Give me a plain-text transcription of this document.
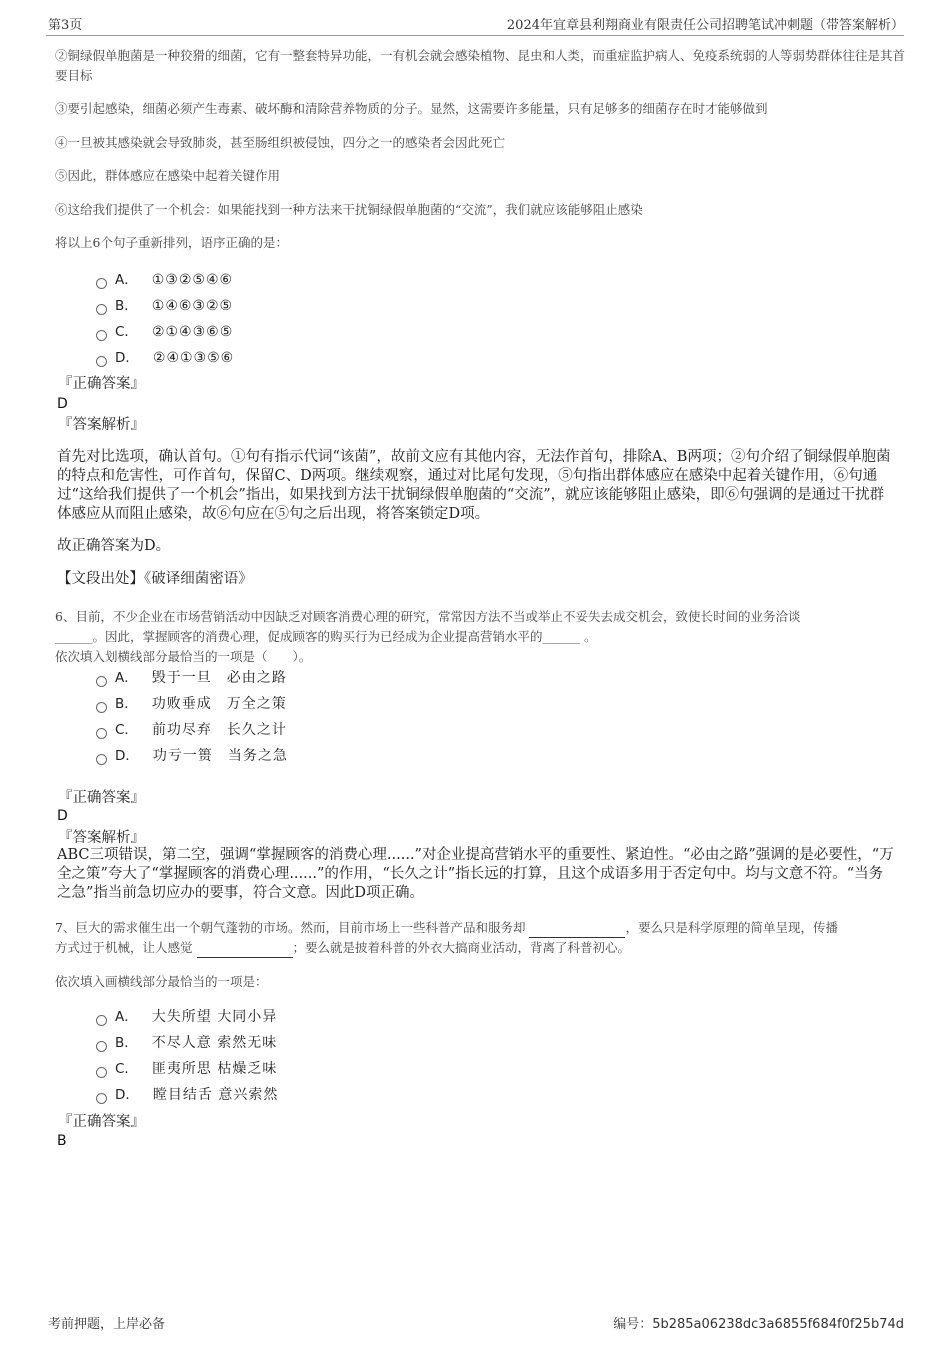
第3页	2024年宜章县利翔商业有限责任公司招聘笔试冲刺题（带答案解析）

②铜绿假单胞菌是一种狡猾的细菌，它有一整套特异功能，一有机会就会感染植物、昆虫和人类，而重症监护病人、免疫系统弱的人等弱势群体往往是其首要目标

③要引起感染，细菌必须产生毒素、破坏酶和清除营养物质的分子。显然，这需要许多能量，只有足够多的细菌存在时才能够做到

④一旦被其感染就会导致肺炎，甚至肠组织被侵蚀，四分之一的感染者会因此死亡

⑤因此，群体感应在感染中起着关键作用

⑥这给我们提供了一个机会：如果能找到一种方法来干扰铜绿假单胞菌的“交流”，我们就应该能够阻止感染

将以上6个句子重新排列，语序正确的是：

A． ①③②⑤④⑥
B． ①④⑥③②⑤
C． ②①④③⑥⑤
D． ②④①③⑤⑥
『正确答案』
D
『答案解析』

首先对比选项，确认首句。①句有指示代词“该菌”，故前文应有其他内容，无法作首句，排除A、B两项；②句介绍了铜绿假单胞菌的特点和危害性，可作首句，保留C、D两项。继续观察，通过对比尾句发现，⑤句指出群体感应在感染中起着关键作用，⑥句通过“这给我们提供了一个机会”指出，如果找到方法干扰铜绿假单胞菌的“交流”，就应该能够阻止感染，即⑥句强调的是通过干扰群体感应从而阻止感染，故⑥句应在⑤句之后出现，将答案锁定D项。

故正确答案为D。

【文段出处】《破译细菌密语》

6、目前，不少企业在市场营销活动中因缺乏对顾客消费心理的研究，常常因方法不当或举止不妥失去成交机会，致使长时间的业务洽谈

______。因此，掌握顾客的消费心理，促成顾客的购买行为已经成为企业提高营销水平的______ 。

依次填入划横线部分最恰当的一项是（　　）。

A． 毁于一旦　必由之路
B． 功败垂成　万全之策
C． 前功尽弃　长久之计
D． 功亏一篑　当务之急
『正确答案』
D
『答案解析』

ABC三项错误，第二空，强调“掌握顾客的消费心理......”对企业提高营销水平的重要性、紧迫性。“必由之路”强调的是必要性，“万全之策”夸大了“掌握顾客的消费心理......”的作用，“长久之计”指长远的打算，且这个成语多用于否定句中。均与文意不符。“当务之急”指当前急切应办的要事，符合文意。因此D项正确。

7、巨大的需求催生出一个朝气蓬勃的市场。然而，目前市场上一些科普产品和服务却	，要么只是科学原理的简单呈现，传播

方式过于机械，让人感觉	；要么就是披着科普的外衣大搞商业活动，背离了科普初心。

依次填入画横线部分最恰当的一项是：

A． 大失所望 大同小异
B． 不尽人意 索然无味
C． 匪夷所思 枯燥乏味
D． 瞠目结舌 意兴索然
『正确答案』
B
考前押题，上岸必备	编号：5b285a06238dc3a6855f684f0f25b74d
